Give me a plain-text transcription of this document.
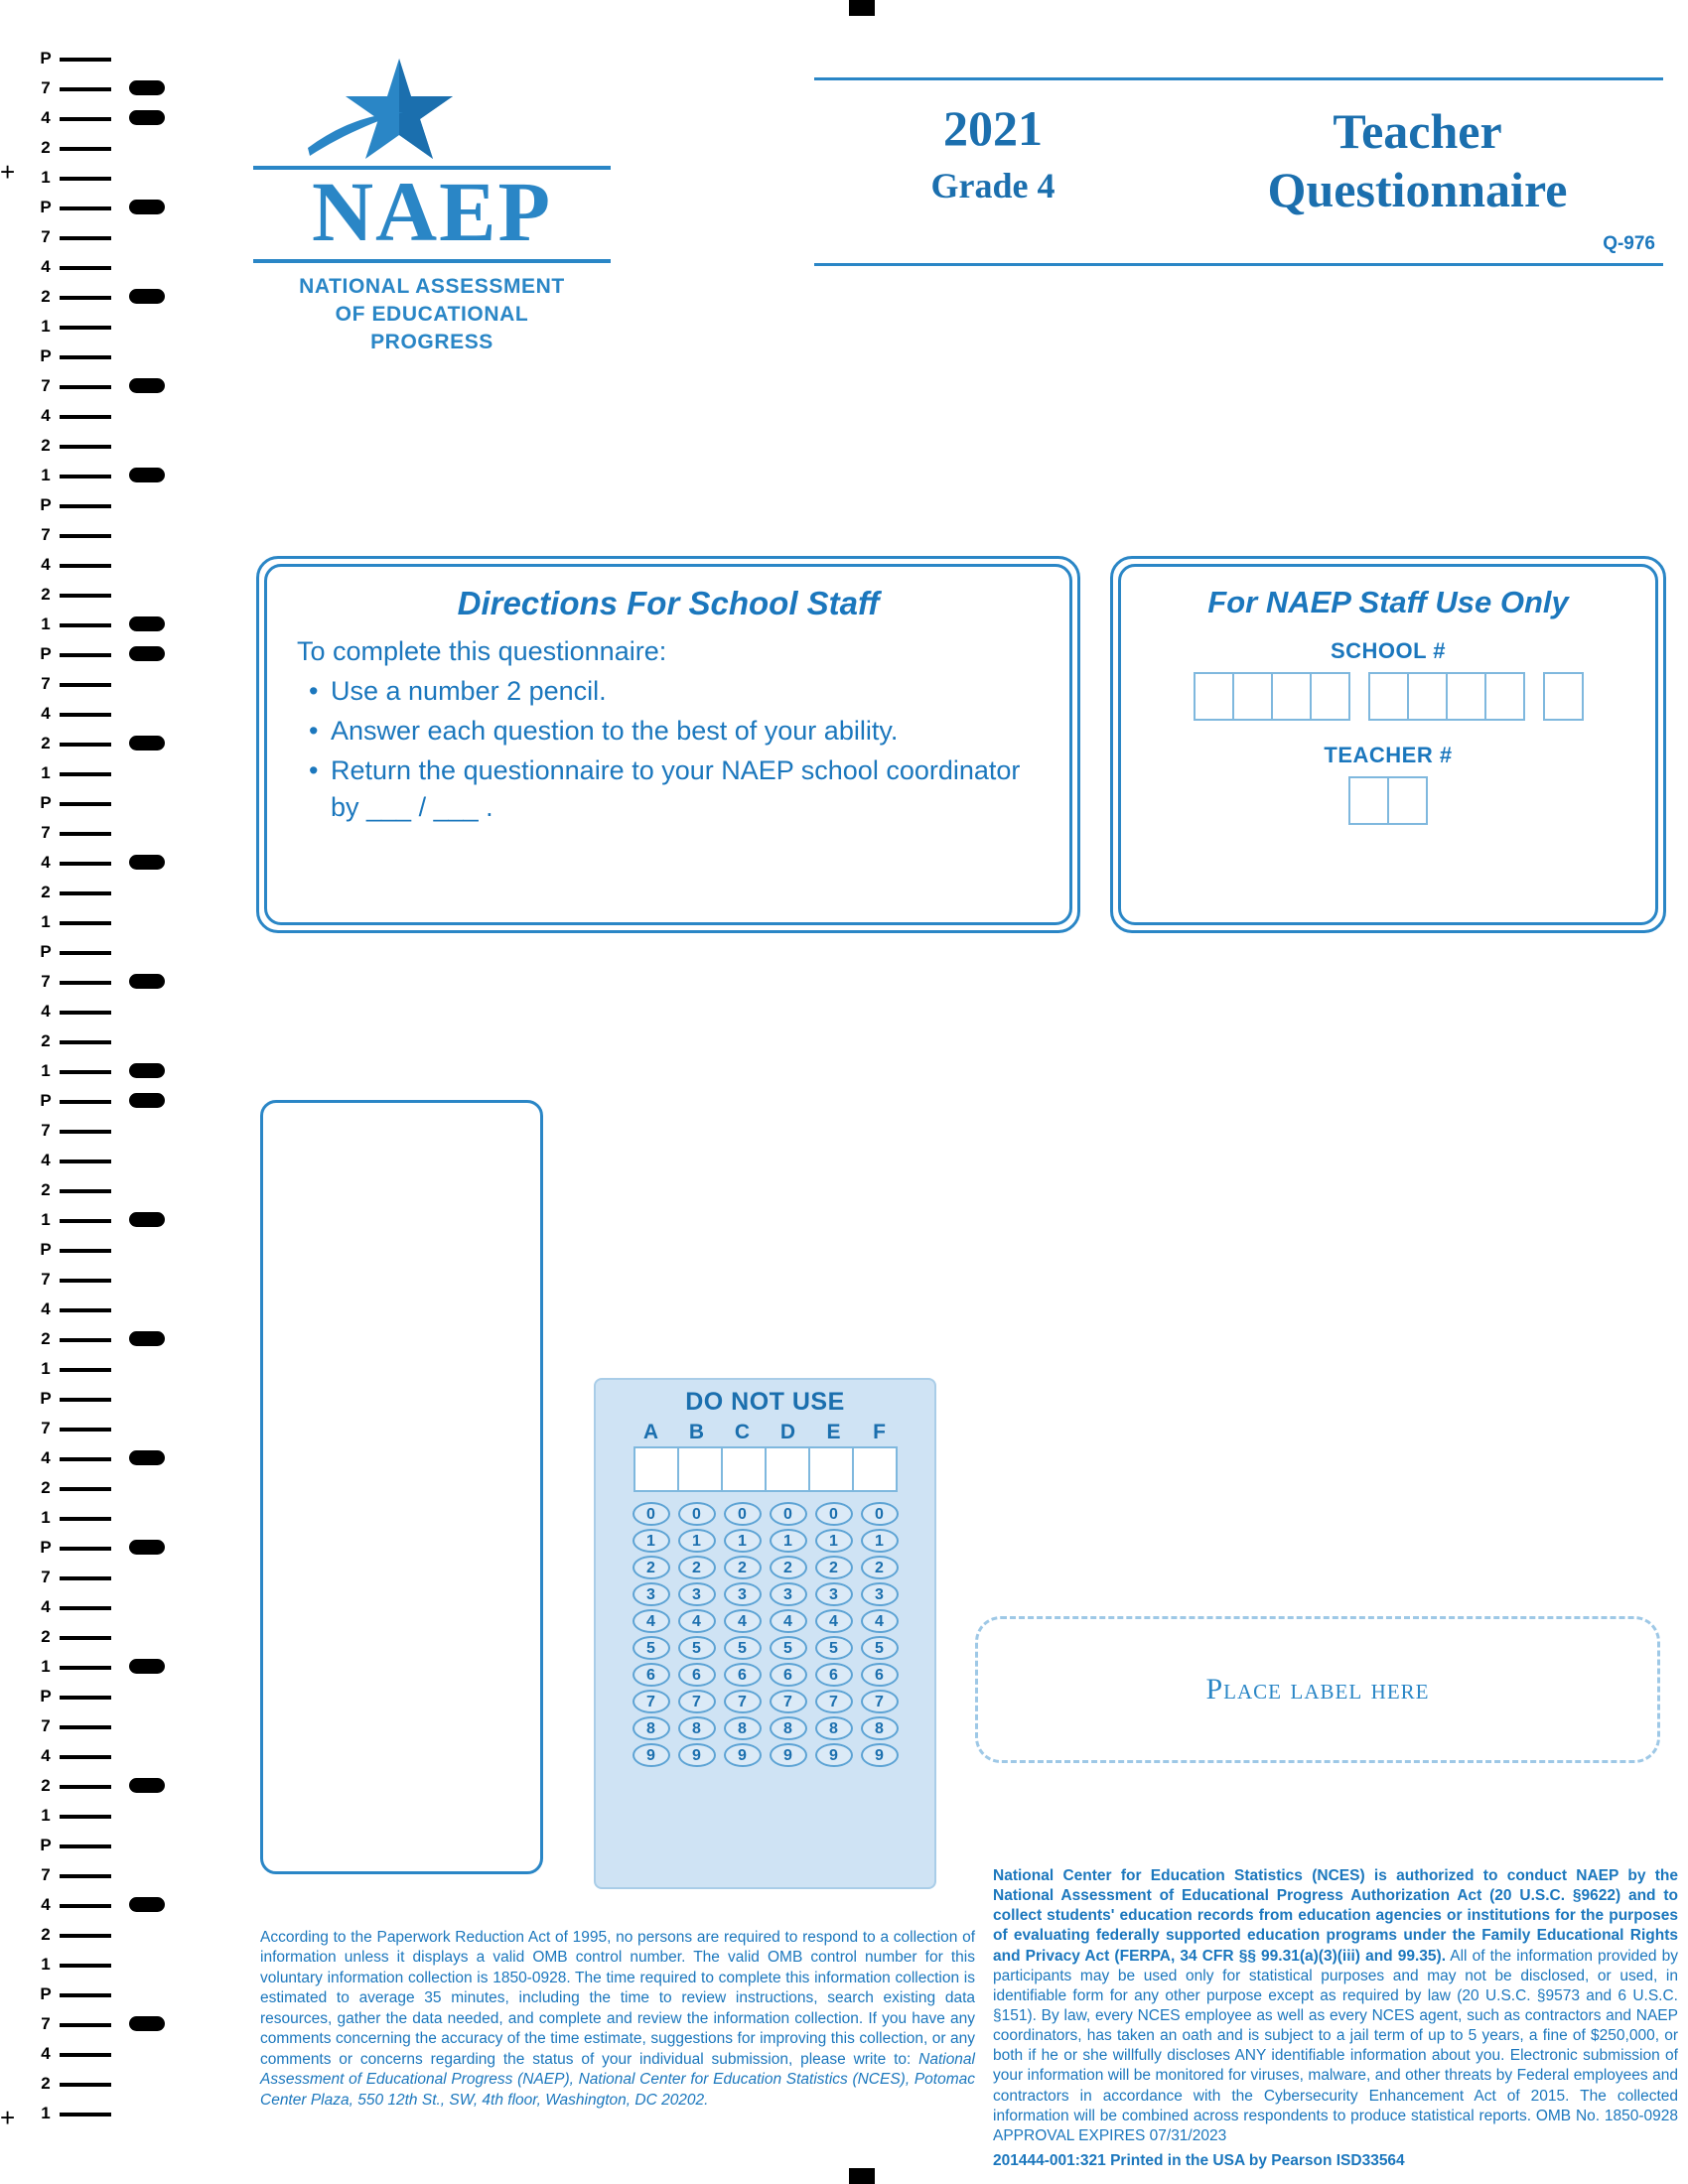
+
+
P
7
4
2
1
P
7
4
2
1
P
7
4
2
1
P
7
4
2
1
P
7
4
2
1
P
7
4
2
1
P
7
4
2
1
P
7
4
2
1
P
7
4
2
1
P
7
4
2
1
P
7
4
2
1
P
7
4
2
1
P
7
4
2
1
P
7
4
2
1
NAEP
NATIONAL ASSESSMENT
OF EDUCATIONAL
PROGRESS
2021
Grade 4
Teacher
Questionnaire
Q-976
Directions For School Staff
To complete this questionnaire:
• Use a number 2 pencil.
• Answer each question to the best of your ability.
• Return the questionnaire to your NAEP school coordinator by ___ / ___ .
For NAEP Staff Use Only
SCHOOL #
TEACHER #
DO NOT USE
A	B	C	D	E	F
0	0	0	0	0	0
1	1	1	1	1	1
2	2	2	2	2	2
3	3	3	3	3	3
4	4	4	4	4	4
5	5	5	5	5	5
6	6	6	6	6	6
7	7	7	7	7	7
8	8	8	8	8	8
9	9	9	9	9	9
Place label here
According to the Paperwork Reduction Act of 1995, no persons are required to respond to a collection of information unless it displays a valid OMB control number. The valid OMB control number for this voluntary information collection is 1850-0928. The time required to complete this information collection is estimated to average 35 minutes, including the time to review instructions, search existing data resources, gather the data needed, and complete and review the information collection. If you have any comments concerning the accuracy of the time estimate, suggestions for improving this collection, or any comments or concerns regarding the status of your individual submission, please write to: National Assessment of Educational Progress (NAEP), National Center for Education Statistics (NCES), Potomac Center Plaza, 550 12th St., SW, 4th floor, Washington, DC 20202.
National Center for Education Statistics (NCES) is authorized to conduct NAEP by the National Assessment of Educational Progress Authorization Act (20 U.S.C. §9622) and to collect students' education records from education agencies or institutions for the purposes of evaluating federally supported education programs under the Family Educational Rights and Privacy Act (FERPA, 34 CFR §§ 99.31(a)(3)(iii) and 99.35). All of the information provided by participants may be used only for statistical purposes and may not be disclosed, or used, in identifiable form for any other purpose except as required by law (20 U.S.C. §9573 and 6 U.S.C. §151). By law, every NCES employee as well as every NCES agent, such as contractors and NAEP coordinators, has taken an oath and is subject to a jail term of up to 5 years, a fine of $250,000, or both if he or she willfully discloses ANY identifiable information about you. Electronic submission of your information will be monitored for viruses, malware, and other threats by Federal employees and contractors in accordance with the Cybersecurity Enhancement Act of 2015. The collected information will be combined across respondents to produce statistical reports. OMB No. 1850-0928 APPROVAL EXPIRES 07/31/2023
201444-001:321 Printed in the USA by Pearson ISD33564
